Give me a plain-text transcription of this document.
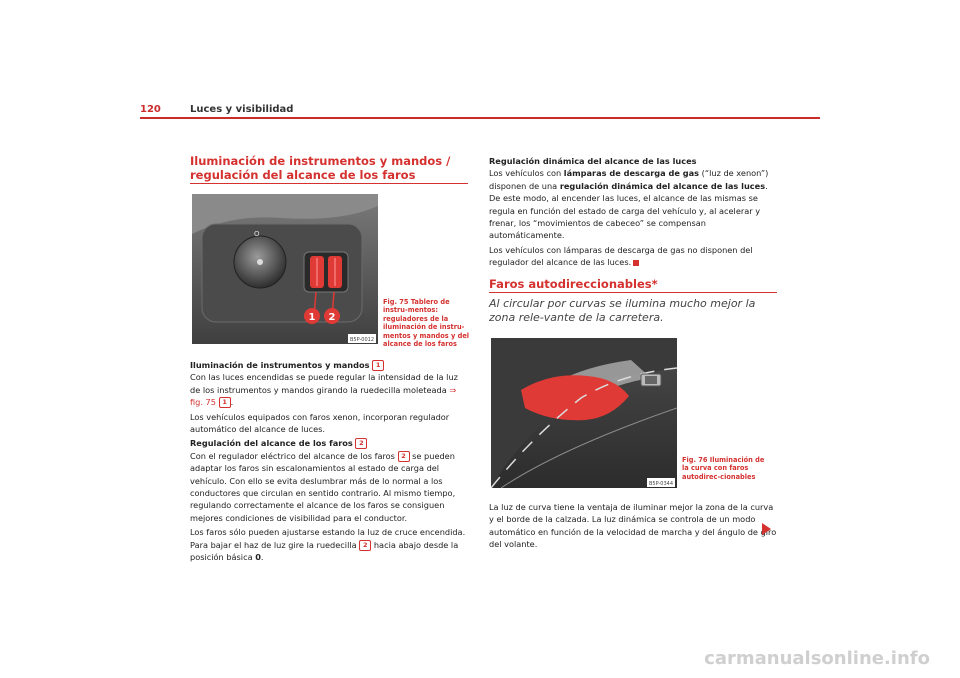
120	Luces y visibilidad
Iluminación de instrumentos y mandos / regulación del alcance de los faros
O
1 2
B5P-0012
Fig. 75 Tablero de instru-mentos: reguladores de la iluminación de instru-mentos y mandos y del alcance de los faros
Iluminación de instrumentos y mandos 1
Con las luces encendidas se puede regular la intensidad de la luz de los instrumentos y mandos girando la ruedecilla moleteada ⇒ fig. 75 1 .
Los vehículos equipados con faros xenon, incorporan regulador automático del alcance de luces.
Regulación del alcance de los faros 2
Con el regulador eléctrico del alcance de los faros 2 se pueden adaptar los faros sin escalonamientos al estado de carga del vehículo. Con ello se evita deslumbrar más de lo normal a los conductores que circulan en sentido contrario. Al mismo tiempo, regulando correctamente el alcance de los faros se consiguen mejores condiciones de visibilidad para el conductor.
Los faros sólo pueden ajustarse estando la luz de cruce encendida. Para bajar el haz de luz gire la ruedecilla 2 hacia abajo desde la posición básica 0.
Regulación dinámica del alcance de las luces
Los vehículos con lámparas de descarga de gas (“luz de xenon”) disponen de una regulación dinámica del alcance de las luces. De este modo, al encender las luces, el alcance de las mismas se regula en función del estado de carga del vehículo y, al acelerar y frenar, los “movimientos de cabeceo” se compensan automáticamente.
Los vehículos con lámparas de descarga de gas no disponen del regulador del alcance de las luces.
Faros autodireccionables*
Al circular por curvas se ilumina mucho mejor la zona rele-vante de la carretera.
B5P-0344
Fig. 76 Iluminación de la curva con faros autodirec-cionables
La luz de curva tiene la ventaja de iluminar mejor la zona de la curva y el borde de la calzada. La luz dinámica se controla de un modo automático en función de la velocidad de marcha y del ángulo de giro del volante.
carmanualsonline.info
